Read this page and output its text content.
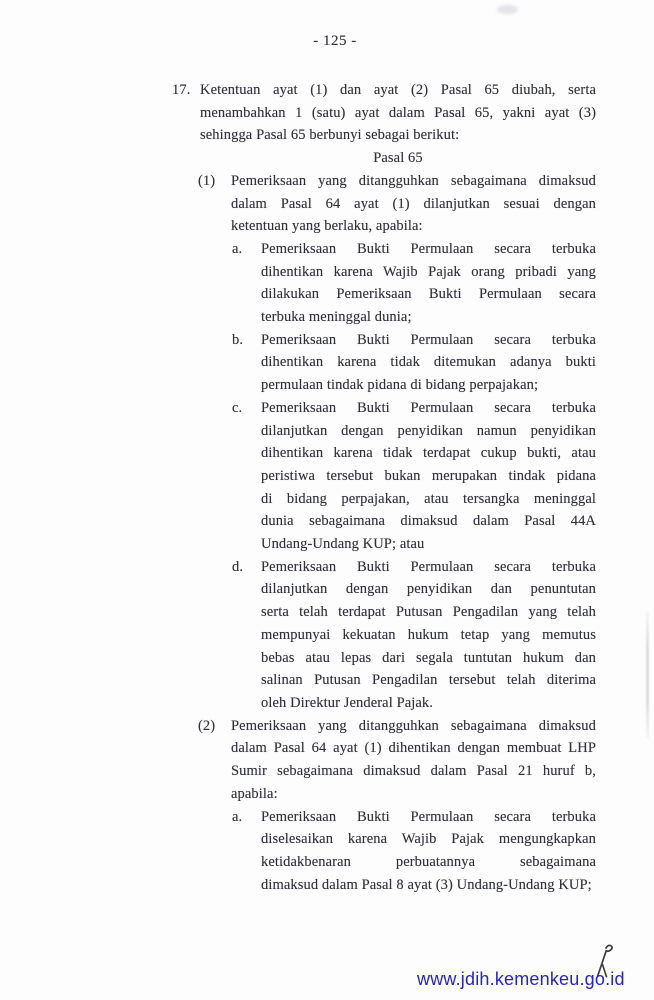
- 125 -
17. Ketentuan ayat (1) dan ayat (2) Pasal 65 diubah, serta
menambahkan 1 (satu) ayat dalam Pasal 65, yakni ayat (3)
sehingga Pasal 65 berbunyi sebagai berikut:
Pasal 65
(1) Pemeriksaan yang ditangguhkan sebagaimana dimaksud
dalam Pasal 64 ayat (1) dilanjutkan sesuai dengan
ketentuan yang berlaku, apabila:
a. Pemeriksaan Bukti Permulaan secara terbuka
dihentikan karena Wajib Pajak orang pribadi yang
dilakukan Pemeriksaan Bukti Permulaan secara
terbuka meninggal dunia;
b. Pemeriksaan Bukti Permulaan secara terbuka
dihentikan karena tidak ditemukan adanya bukti
permulaan tindak pidana di bidang perpajakan;
c. Pemeriksaan Bukti Permulaan secara terbuka
dilanjutkan dengan penyidikan namun penyidikan
dihentikan karena tidak terdapat cukup bukti, atau
peristiwa tersebut bukan merupakan tindak pidana
di bidang perpajakan, atau tersangka meninggal
dunia sebagaimana dimaksud dalam Pasal 44A
Undang-Undang KUP; atau
d. Pemeriksaan Bukti Permulaan secara terbuka
dilanjutkan dengan penyidikan dan penuntutan
serta telah terdapat Putusan Pengadilan yang telah
mempunyai kekuatan hukum tetap yang memutus
bebas atau lepas dari segala tuntutan hukum dan
salinan Putusan Pengadilan tersebut telah diterima
oleh Direktur Jenderal Pajak.
(2) Pemeriksaan yang ditangguhkan sebagaimana dimaksud
dalam Pasal 64 ayat (1) dihentikan dengan membuat LHP
Sumir sebagaimana dimaksud dalam Pasal 21 huruf b,
apabila:
a. Pemeriksaan Bukti Permulaan secara terbuka
diselesaikan karena Wajib Pajak mengungkapkan
ketidakbenaran perbuatannya sebagaimana
dimaksud dalam Pasal 8 ayat (3) Undang-Undang KUP;
www.jdih.kemenkeu.go.id
